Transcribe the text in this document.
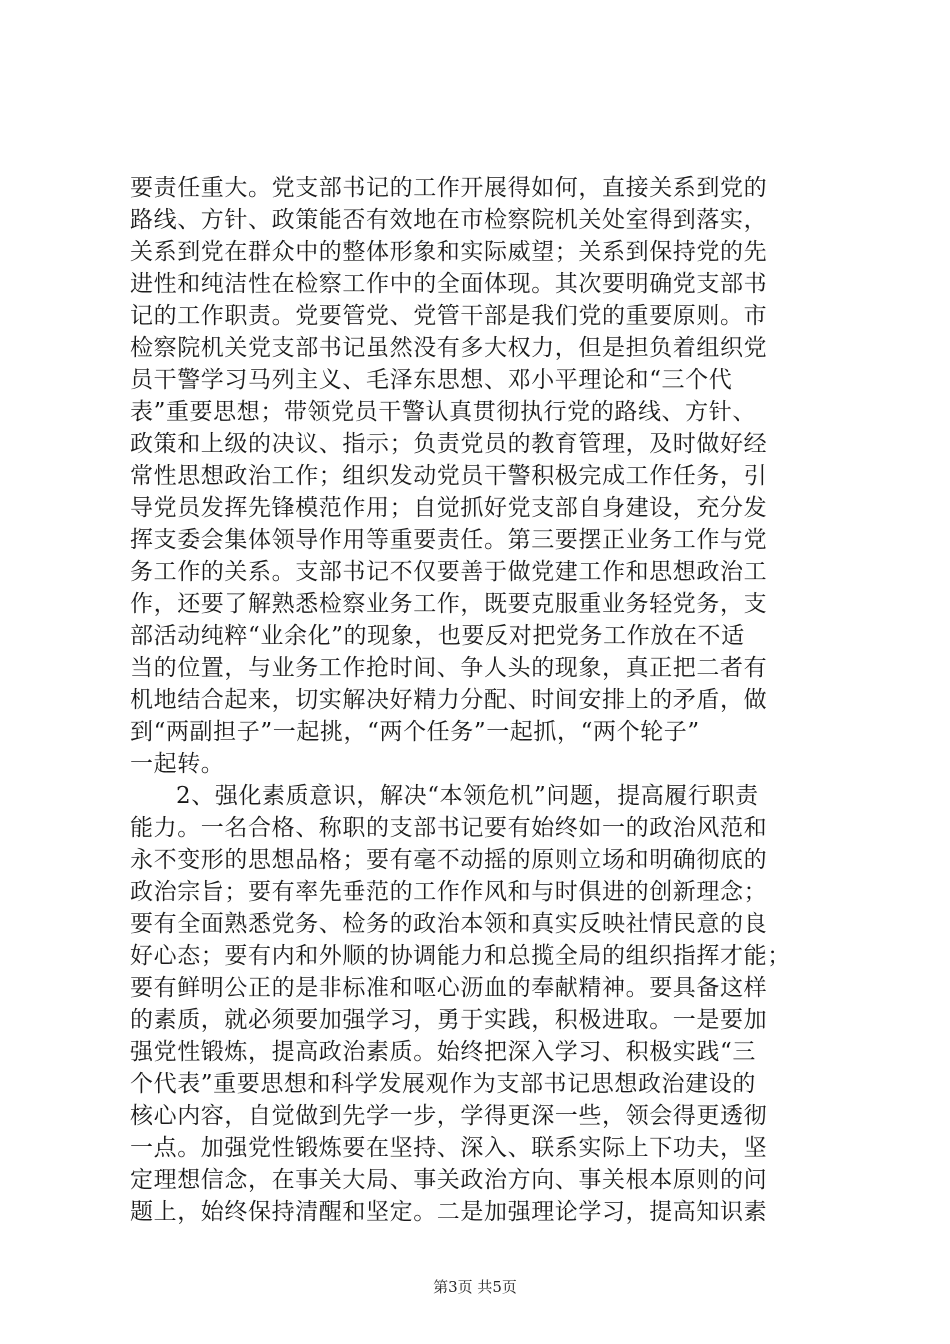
要责任重大。党支部书记的工作开展得如何，直接关系到党的
路线、方针、政策能否有效地在市检察院机关处室得到落实，
关系到党在群众中的整体形象和实际威望；关系到保持党的先
进性和纯洁性在检察工作中的全面体现。其次要明确党支部书
记的工作职责。党要管党、党管干部是我们党的重要原则。市
检察院机关党支部书记虽然没有多大权力，但是担负着组织党
员干警学习马列主义、毛泽东思想、邓小平理论和“三个代
表”重要思想；带领党员干警认真贯彻执行党的路线、方针、
政策和上级的决议、指示；负责党员的教育管理，及时做好经
常性思想政治工作；组织发动党员干警积极完成工作任务，引
导党员发挥先锋模范作用；自觉抓好党支部自身建设，充分发
挥支委会集体领导作用等重要责任。第三要摆正业务工作与党
务工作的关系。支部书记不仅要善于做党建工作和思想政治工
作，还要了解熟悉检察业务工作，既要克服重业务轻党务，支
部活动纯粹“业余化”的现象，也要反对把党务工作放在不适
当的位置，与业务工作抢时间、争人头的现象，真正把二者有
机地结合起来，切实解决好精力分配、时间安排上的矛盾，做
到“两副担子”一起挑，“两个任务”一起抓，“两个轮子”
一起转。
2、强化素质意识，解决“本领危机”问题，提高履行职责
能力。一名合格、称职的支部书记要有始终如一的政治风范和
永不变形的思想品格；要有毫不动摇的原则立场和明确彻底的
政治宗旨；要有率先垂范的工作作风和与时俱进的创新理念；
要有全面熟悉党务、检务的政治本领和真实反映社情民意的良
好心态；要有内和外顺的协调能力和总揽全局的组织指挥才能；
要有鲜明公正的是非标准和呕心沥血的奉献精神。要具备这样
的素质，就必须要加强学习，勇于实践，积极进取。一是要加
强党性锻炼，提高政治素质。始终把深入学习、积极实践“三
个代表”重要思想和科学发展观作为支部书记思想政治建设的
核心内容，自觉做到先学一步，学得更深一些，领会得更透彻
一点。加强党性锻炼要在坚持、深入、联系实际上下功夫，坚
定理想信念，在事关大局、事关政治方向、事关根本原则的问
题上，始终保持清醒和坚定。二是加强理论学习，提高知识素
第3页 共5页
